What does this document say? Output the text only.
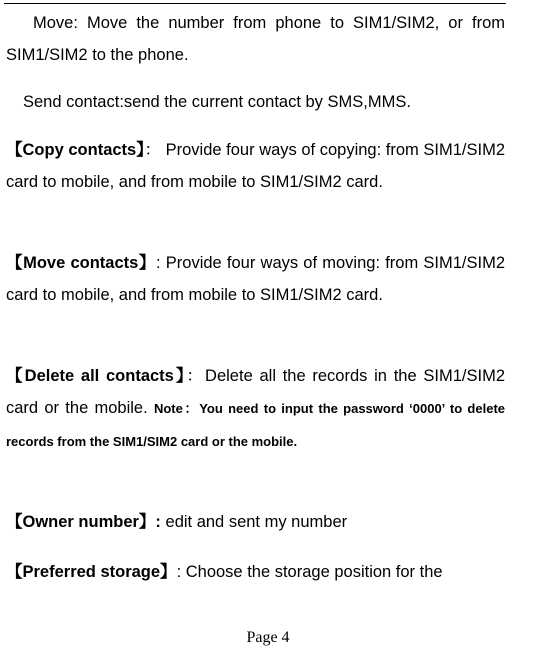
Move: Move the number from phone to SIM1/SIM2, or from SIM1/SIM2 to the phone.
Send contact:send the current contact by SMS,MMS.
【Copy contacts】： Provide four ways of copying: from SIM1/SIM2 card to mobile, and from mobile to SIM1/SIM2 card.
【Move contacts】: Provide four ways of moving: from SIM1/SIM2 card to mobile, and from mobile to SIM1/SIM2 card.
【Delete all contacts】：Delete all the records in the SIM1/SIM2 card or the mobile. Note：You need to input the password ‘0000’ to delete records from the SIM1/SIM2 card or the mobile.
【Owner number】: edit and sent my number
【Preferred storage】: Choose the storage position for the
Page 4
